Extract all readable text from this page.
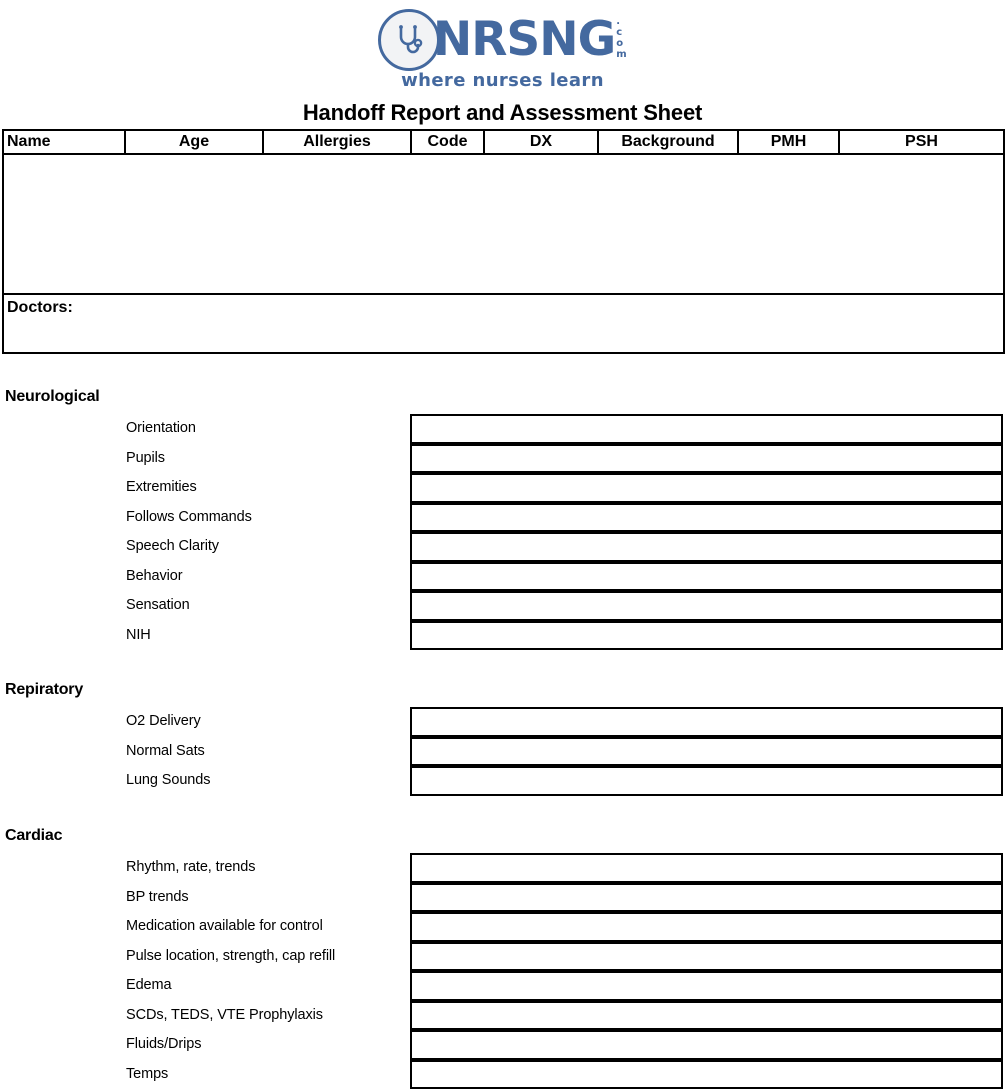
NRSNG .
c
o
m
where nurses learn
Handoff Report and Assessment Sheet
Name	Age	Allergies	Code	DX	Background	PMH	PSH

Doctors:
Neurological
Orientation
Pupils
Extremities
Follows Commands
Speech Clarity
Behavior
Sensation
NIH
Repiratory
O2 Delivery
Normal Sats
Lung Sounds
Cardiac
Rhythm, rate, trends
BP trends
Medication available for control
Pulse location, strength, cap refill
Edema
SCDs, TEDS, VTE Prophylaxis
Fluids/Drips
Temps
